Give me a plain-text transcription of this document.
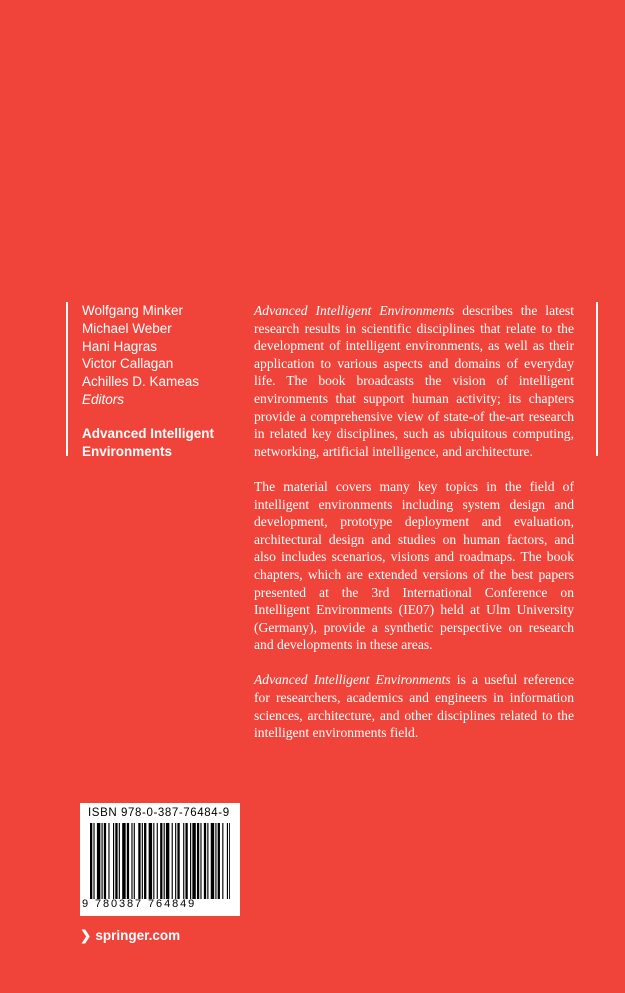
Wolfgang Minker
Michael Weber
Hani Hagras
Victor Callagan
Achilles D. Kameas
Editors
Advanced Intelligent Environments

Advanced Intelligent Environments describes the latest research results in scientific disciplines that relate to the development of intelligent environments, as well as their application to various aspects and domains of everyday life. The book broadcasts the vision of intelligent environments that support human activity; its chapters provide a comprehensive view of state-of the-art research in related key disciplines, such as ubiquitous computing, networking, artificial intelligence, and architecture.

The material covers many key topics in the field of intelligent environments including system design and development, prototype deployment and evaluation, architectural design and studies on human factors, and also includes scenarios, visions and roadmaps. The book chapters, which are extended versions of the best papers presented at the 3rd International Conference on Intelligent Environments (IE07) held at Ulm University (Germany), provide a synthetic perspective on research and developments in these areas.

Advanced Intelligent Environments is a useful reference for researchers, academics and engineers in information sciences, architecture, and other disciplines related to the intelligent environments field.

ISBN 978-0-387-76484-9
9 780387 764849
❯ springer.com
